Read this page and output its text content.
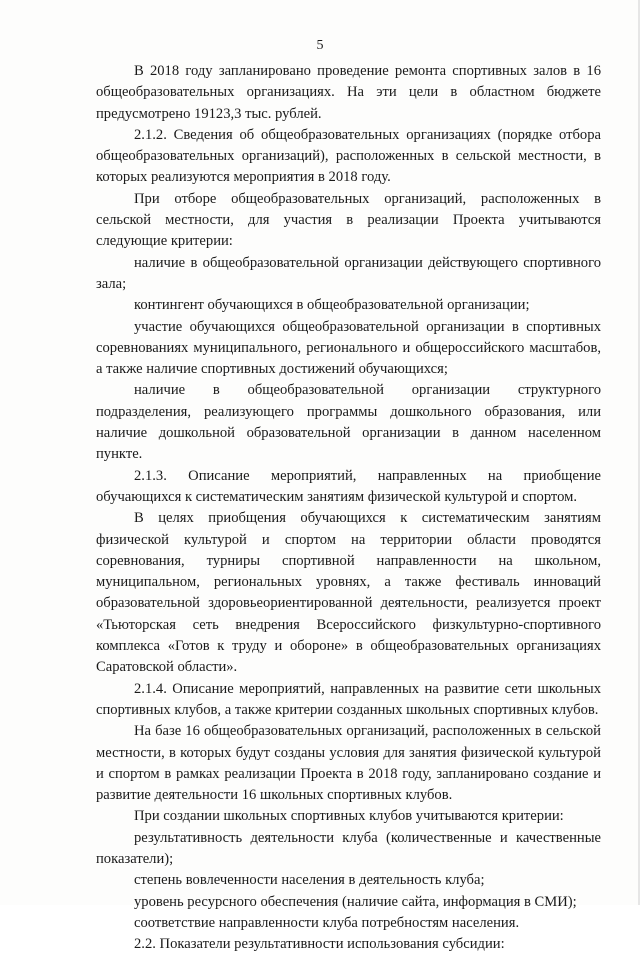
5

В 2018 году запланировано проведение ремонта спортивных залов в 16 общеобразовательных организациях. На эти цели в областном бюджете предусмотрено 19123,3 тыс. рублей.

2.1.2. Сведения об общеобразовательных организациях (порядке отбора общеобразовательных организаций), расположенных в сельской местности, в которых реализуются мероприятия в 2018 году.

При отборе общеобразовательных организаций, расположенных в сельской местности, для участия в реализации Проекта учитываются следующие критерии:

наличие в общеобразовательной организации действующего спортивного зала;

контингент обучающихся в общеобразовательной организации;

участие обучающихся общеобразовательной организации в спортивных соревнованиях муниципального, регионального и общероссийского масштабов, а также наличие спортивных достижений обучающихся;

наличие в общеобразовательной организации структурного подразделения, реализующего программы дошкольного образования, или наличие дошкольной образовательной организации в данном населенном пункте.

2.1.3. Описание мероприятий, направленных на приобщение обучающихся к систематическим занятиям физической культурой и спортом.

В целях приобщения обучающихся к систематическим занятиям физической культурой и спортом на территории области проводятся соревнования, турниры спортивной направленности на школьном, муниципальном, региональных уровнях, а также фестиваль инноваций образовательной здоровьеориентированной деятельности, реализуется проект «Тьюторская сеть внедрения Всероссийского физкультурно-спортивного комплекса «Готов к труду и обороне» в общеобразовательных организациях Саратовской области».

2.1.4. Описание мероприятий, направленных на развитие сети школьных спортивных клубов, а также критерии созданных школьных спортивных клубов.

На базе 16 общеобразовательных организаций, расположенных в сельской местности, в которых будут созданы условия для занятия физической культурой и спортом в рамках реализации Проекта в 2018 году, запланировано создание и развитие деятельности 16 школьных спортивных клубов.

При создании школьных спортивных клубов учитываются критерии:

результативность деятельности клуба (количественные и качественные показатели);

степень вовлеченности населения в деятельность клуба;

уровень ресурсного обеспечения (наличие сайта, информация в СМИ);

соответствие направленности клуба потребностям населения.

2.2. Показатели результативности использования субсидии:
